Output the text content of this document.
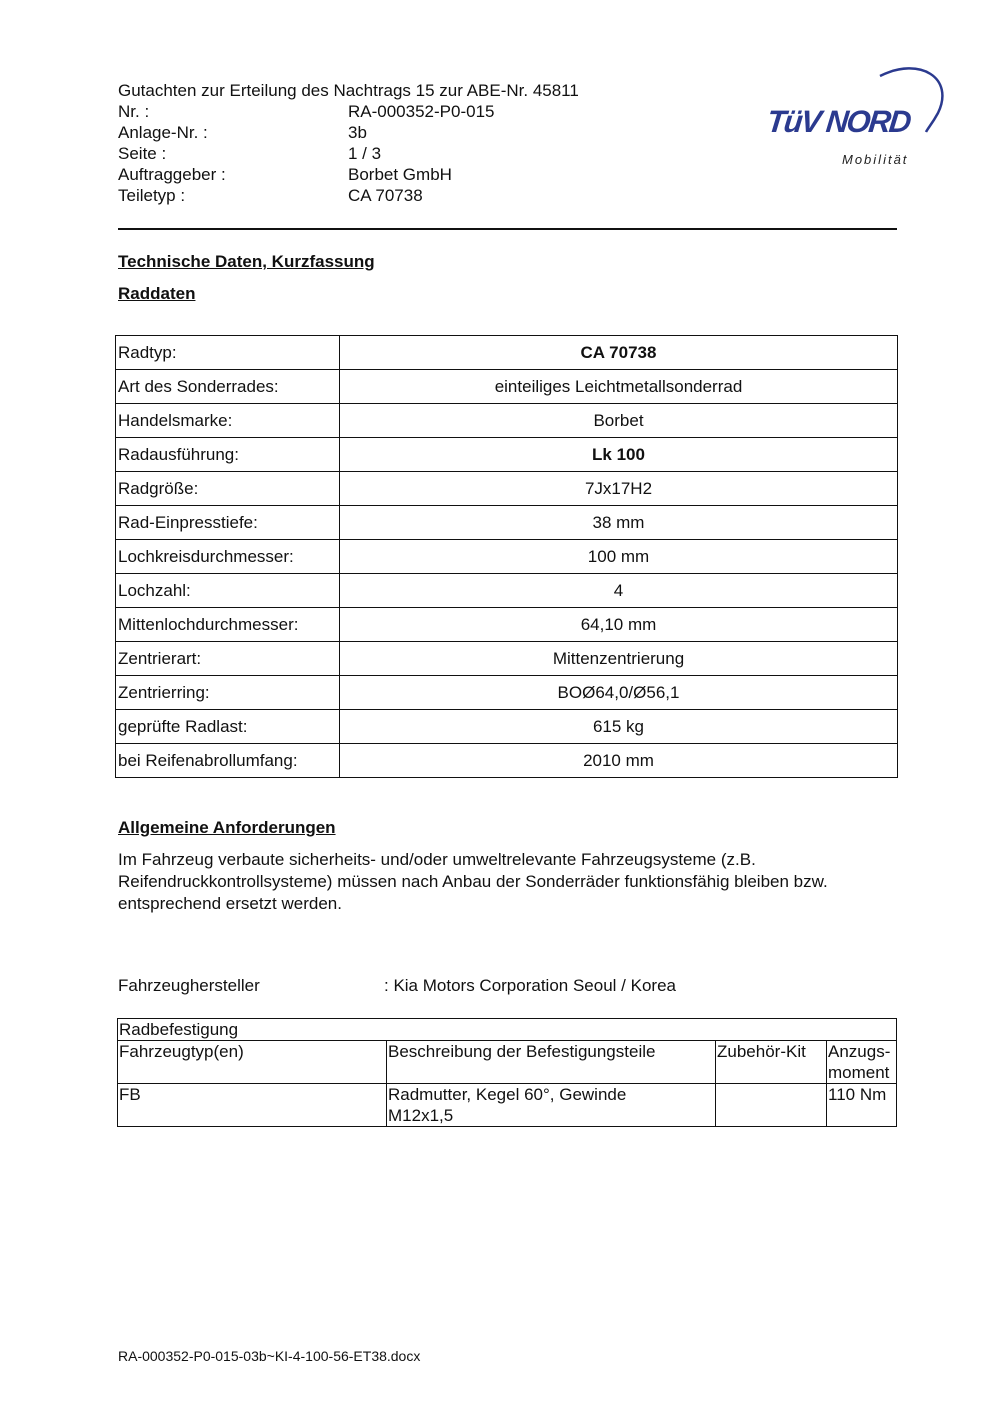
Gutachten zur Erteilung des Nachtrags 15 zur ABE-Nr. 45811
Nr. :	RA-000352-P0-015
Anlage-Nr. :	3b
Seite :	1 / 3
Auftraggeber :	Borbet GmbH
Teiletyp :	CA 70738
TüV NORD
Mobilität
Technische Daten, Kurzfassung
Raddaten
Radtyp:	CA 70738
Art des Sonderrades:	einteiliges Leichtmetallsonderrad
Handelsmarke:	Borbet
Radausführung:	Lk 100
Radgröße:	7Jx17H2
Rad-Einpresstiefe:	38 mm
Lochkreisdurchmesser:	100 mm
Lochzahl:	4
Mittenlochdurchmesser:	64,10 mm
Zentrierart:	Mittenzentrierung
Zentrierring:	BOØ64,0/Ø56,1
geprüfte Radlast:	615 kg
bei Reifenabrollumfang:	2010 mm
Allgemeine Anforderungen
Im Fahrzeug verbaute sicherheits- und/oder umweltrelevante Fahrzeugsysteme (z.B. Reifendruckkontrollsysteme) müssen nach Anbau der Sonderräder funktionsfähig bleiben bzw. entsprechend ersetzt werden.
Fahrzeughersteller	: Kia Motors Corporation Seoul / Korea
Radbefestigung			
Fahrzeugtyp(en)	Beschreibung der Befestigungsteile	Zubehör-Kit	Anzugs-
moment
FB	Radmutter, Kegel 60°, Gewinde
M12x1,5		110 Nm
RA-000352-P0-015-03b~KI-4-100-56-ET38.docx
